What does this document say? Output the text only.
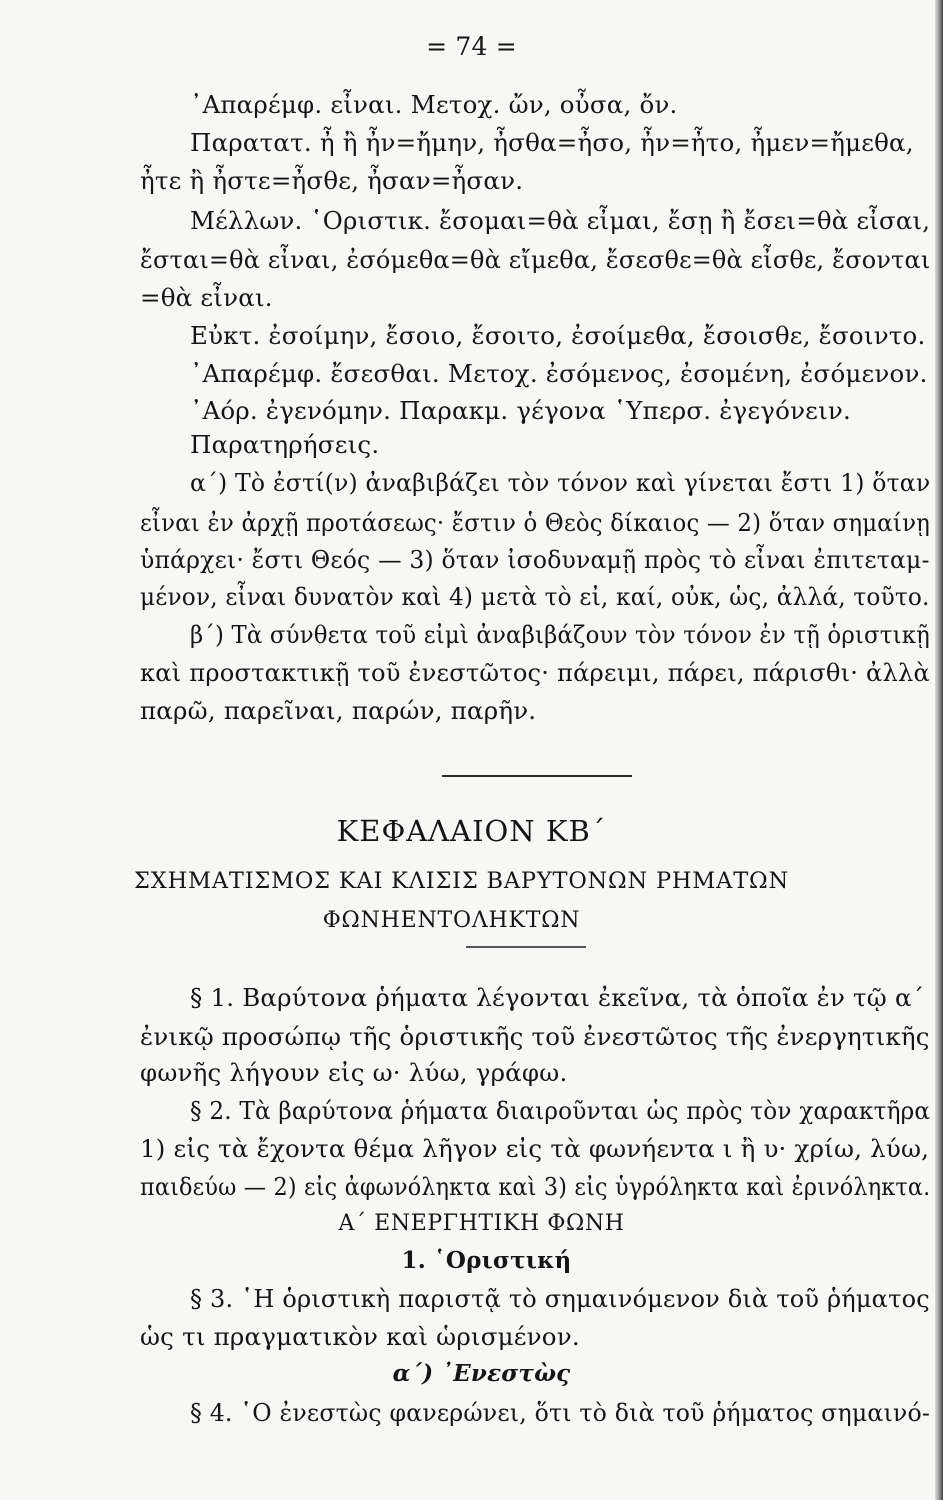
= 74 =
᾽Απαρέμφ. εἶναι. Μετοχ. ὤν, οὖσα, ὄν.
Παρατατ. ἦ ἢ ἦν=ἤμην, ἦσθα=ἦσο, ἦν=ἦτο, ἦμεν=ἤμεθα,
ἦτε ἢ ἦστε=ἦσθε, ἦσαν=ἦσαν.
Μέλλων. ῾Οριστικ. ἔσομαι=θὰ εἶμαι, ἔσῃ ἢ ἔσει=θὰ εἶσαι,
ἔσται=θὰ εἶναι, ἐσόμεθα=θὰ εἴμεθα, ἔσεσθε=θὰ εἶσθε, ἔσονται
=θὰ εἶναι.
Εὐκτ. ἐσοίμην, ἔσοιο, ἔσοιτο, ἐσοίμεθα, ἔσοισθε, ἔσοιντο.
᾽Απαρέμφ. ἔσεσθαι. Μετοχ. ἐσόμενος, ἐσομένη, ἐσόμενον.
᾽Αόρ. ἐγενόμην. Παρακμ. γέγονα ῾Υπερσ. ἐγεγόνειν.
Παρατηρήσεις.
α΄) Τὸ ἐστί(ν) ἀναβιβάζει τὸν τόνον καὶ γίνεται ἔστι 1) ὅταν
εἶναι ἐν ἀρχῇ προτάσεως· ἔστιν ὁ Θεὸς δίκαιος — 2) ὅταν σημαίνῃ
ὑπάρχει· ἔστι Θεός — 3) ὅταν ἰσοδυναμῇ πρὸς τὸ εἶναι ἐπιτεταμ-
μένον, εἶναι δυνατὸν καὶ 4) μετὰ τὸ εἰ, καί, οὐκ, ὡς, ἀλλά, τοῦτο.
β΄) Τὰ σύνθετα τοῦ εἰμὶ ἀναβιβάζουν τὸν τόνον ἐν τῇ ὁριστικῇ
καὶ προστακτικῇ τοῦ ἐνεστῶτος· πάρειμι, πάρει, πάρισθι· ἀλλὰ
παρῶ, παρεῖναι, παρών, παρῆν.
ΚΕΦΑΛΑΙΟΝ ΚΒ΄
ΣΧΗΜΑΤΙΣΜΟΣ ΚΑΙ ΚΛΙΣΙΣ ΒΑΡΥΤΟΝΩΝ ΡΗΜΑΤΩΝ
ΦΩΝΗΕΝΤΟΛΗΚΤΩΝ
§ 1. Βαρύτονα ῥήματα λέγονται ἐκεῖνα, τὰ ὁποῖα ἐν τῷ α΄
ἐνικῷ προσώπῳ τῆς ὁριστικῆς τοῦ ἐνεστῶτος τῆς ἐνεργητικῆς
φωνῆς λήγουν εἰς ω· λύω, γράφω.
§ 2. Τὰ βαρύτονα ῥήματα διαιροῦνται ὡς πρὸς τὸν χαρακτῆρα
1) εἰς τὰ ἔχοντα θέμα λῆγον εἰς τὰ φωνήεντα ι ἢ υ· χρίω, λύω,
παιδεύω — 2) εἰς ἀφωνόληκτα καὶ 3) εἰς ὑγρόληκτα καὶ ἐρινόληκτα.
Α΄ ΕΝΕΡΓΗΤΙΚΗ ΦΩΝΗ
1. ῾Οριστική
§ 3. ῾Η ὁριστικὴ παριστᾷ τὸ σημαινόμενον διὰ τοῦ ῥήματος
ὡς τι πραγματικὸν καὶ ὡρισμένον.
α΄) ᾽Ενεστὼς
§ 4. ῾Ο ἐνεστὼς φανερώνει, ὅτι τὸ διὰ τοῦ ῥήματος σημαινό-
